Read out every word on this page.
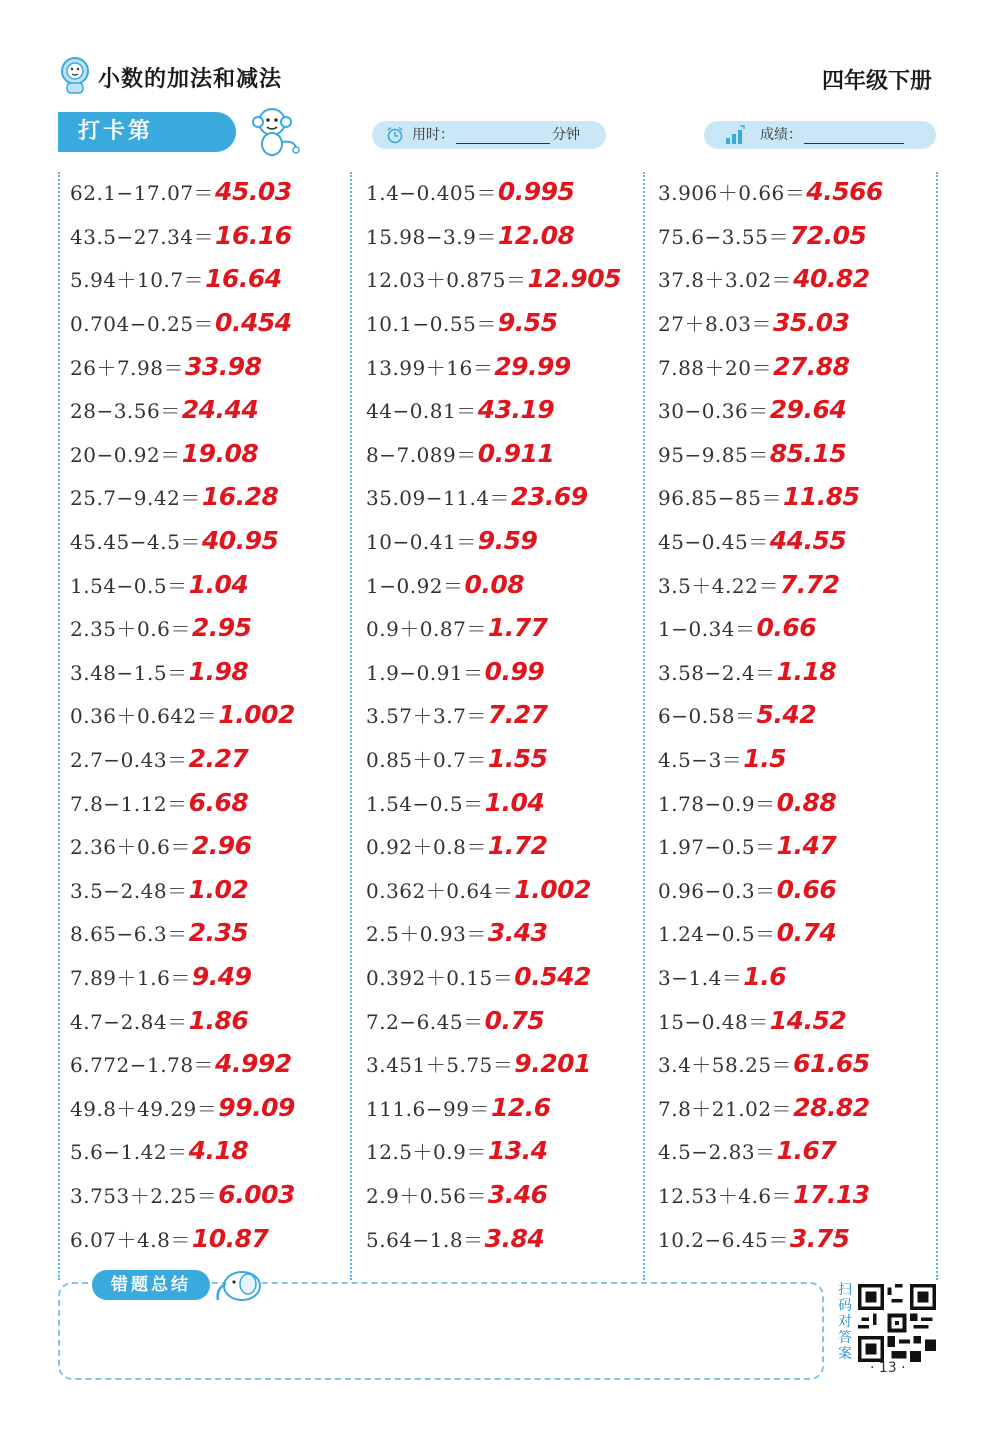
小数的加法和减法	四年级下册
打卡第  天
用时：	分钟	成绩：
62.1−17.07＝ 45.03
43.5−27.34＝ 16.16
5.94＋10.7＝ 16.64
0.704−0.25＝ 0.454
26＋7.98＝ 33.98
28−3.56＝ 24.44
20−0.92＝ 19.08
25.7−9.42＝ 16.28
45.45−4.5＝ 40.95
1.54−0.5＝ 1.04
2.35＋0.6＝ 2.95
3.48−1.5＝ 1.98
0.36＋0.642＝ 1.002
2.7−0.43＝ 2.27
7.8−1.12＝ 6.68
2.36＋0.6＝ 2.96
3.5−2.48＝ 1.02
8.65−6.3＝ 2.35
7.89＋1.6＝ 9.49
4.7−2.84＝ 1.86
6.772−1.78＝ 4.992
49.8＋49.29＝ 99.09
5.6−1.42＝ 4.18
3.753＋2.25＝ 6.003
6.07＋4.8＝ 10.87
1.4−0.405＝ 0.995
15.98−3.9＝ 12.08
12.03＋0.875＝ 12.905
10.1−0.55＝ 9.55
13.99＋16＝ 29.99
44−0.81＝ 43.19
8−7.089＝ 0.911
35.09−11.4＝ 23.69
10−0.41＝ 9.59
1−0.92＝ 0.08
0.9＋0.87＝ 1.77
1.9−0.91＝ 0.99
3.57＋3.7＝ 7.27
0.85＋0.7＝ 1.55
1.54−0.5＝ 1.04
0.92＋0.8＝ 1.72
0.362＋0.64＝ 1.002
2.5＋0.93＝ 3.43
0.392＋0.15＝ 0.542
7.2−6.45＝ 0.75
3.451＋5.75＝ 9.201
111.6−99＝ 12.6
12.5＋0.9＝ 13.4
2.9＋0.56＝ 3.46
5.64−1.8＝ 3.84
3.906＋0.66＝ 4.566
75.6−3.55＝ 72.05
37.8＋3.02＝ 40.82
27＋8.03＝ 35.03
7.88＋20＝ 27.88
30−0.36＝ 29.64
95−9.85＝ 85.15
96.85−85＝ 11.85
45−0.45＝ 44.55
3.5＋4.22＝ 7.72
1−0.34＝ 0.66
3.58−2.4＝ 1.18
6−0.58＝ 5.42
4.5−3＝ 1.5
1.78−0.9＝ 0.88
1.97−0.5＝ 1.47
0.96−0.3＝ 0.66
1.24−0.5＝ 0.74
3−1.4＝ 1.6
15−0.48＝ 14.52
3.4＋58.25＝ 61.65
7.8＋21.02＝ 28.82
4.5−2.83＝ 1.67
12.53＋4.6＝ 17.13
10.2−6.45＝ 3.75
错题总结	扫码对答案
· 13 ·
